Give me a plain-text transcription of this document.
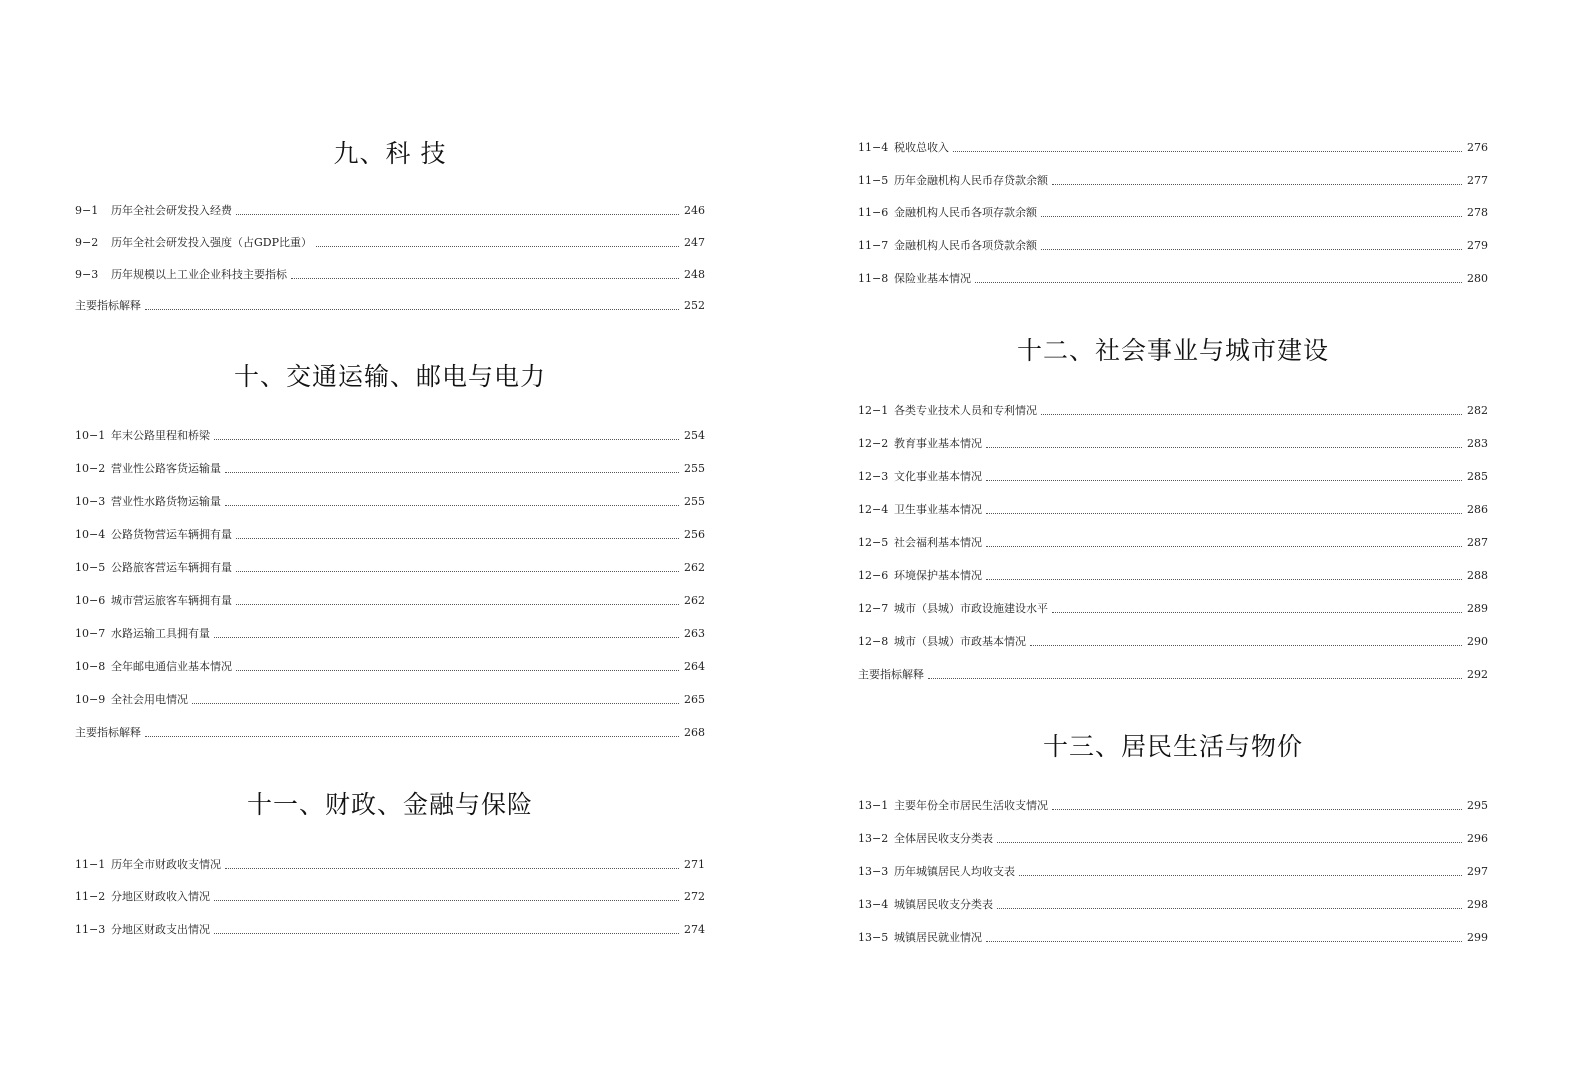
九、科 技
9−1	历年全社会研发投入经费	246
9−2	历年全社会研发投入强度（占GDP比重）	247
9−3	历年规模以上工业企业科技主要指标	248
主要指标解释	252
十、交通运输、邮电与电力
10−1 年末公路里程和桥梁	254
10−2 营业性公路客货运输量	255
10−3 营业性水路货物运输量	255
10−4 公路货物营运车辆拥有量	256
10−5 公路旅客营运车辆拥有量	262
10−6 城市营运旅客车辆拥有量	262
10−7 水路运输工具拥有量	263
10−8 全年邮电通信业基本情况	264
10−9 全社会用电情况	265
主要指标解释	268
十一、财政、金融与保险
11−1 历年全市财政收支情况	271
11−2 分地区财政收入情况	272
11−3 分地区财政支出情况	274
11−4 税收总收入	276
11−5 历年金融机构人民币存贷款余额	277
11−6 金融机构人民币各项存款余额	278
11−7 金融机构人民币各项贷款余额	279
11−8 保险业基本情况	280
十二、社会事业与城市建设
12−1 各类专业技术人员和专利情况	282
12−2 教育事业基本情况	283
12−3 文化事业基本情况	285
12−4 卫生事业基本情况	286
12−5 社会福利基本情况	287
12−6 环境保护基本情况	288
12−7 城市（县城）市政设施建设水平	289
12−8 城市（县城）市政基本情况	290
主要指标解释	292
十三、居民生活与物价
13−1 主要年份全市居民生活收支情况	295
13−2 全体居民收支分类表	296
13−3 历年城镇居民人均收支表	297
13−4 城镇居民收支分类表	298
13−5 城镇居民就业情况	299
